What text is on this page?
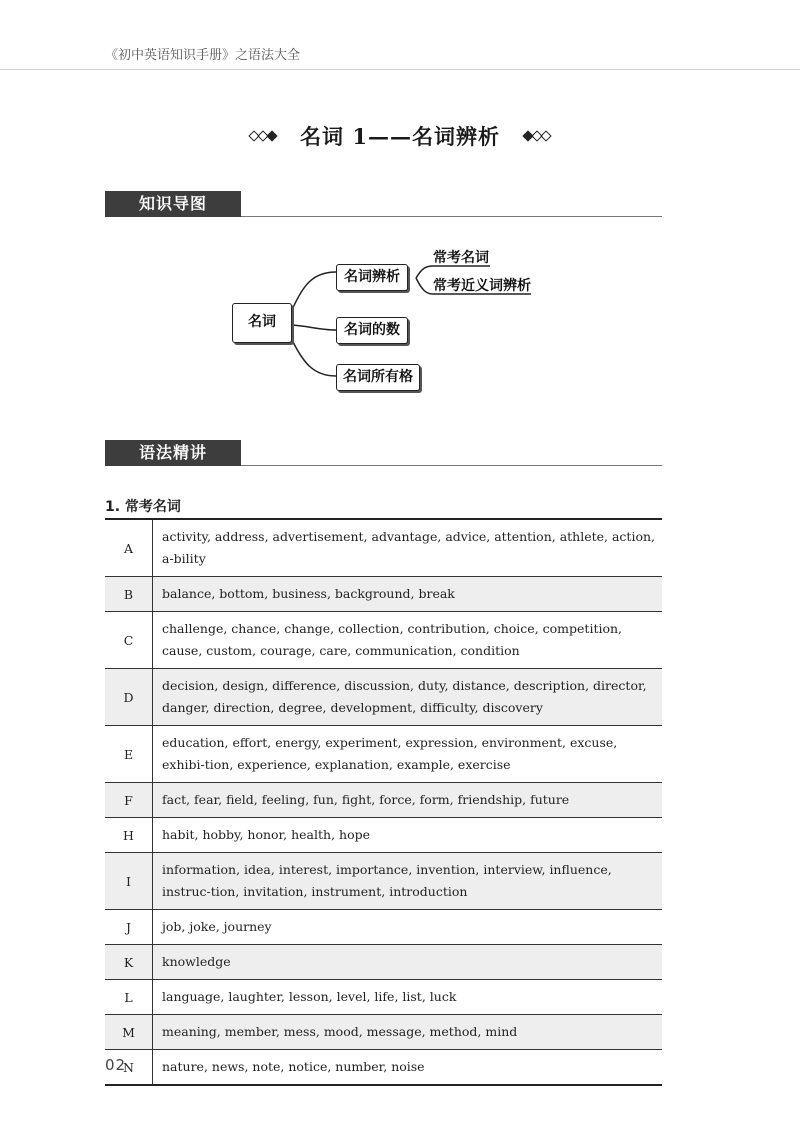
《初中英语知识手册》之语法大全
名词 1——名词辨析
知识导图
名词
名词辨析
名词的数
名词所有格
常考名词
常考近义词辨析
语法精讲
1. 常考名词
A	activity, address, advertisement, advantage, advice, attention, athlete, action, a-bility
B	balance, bottom, business, background, break
C	challenge, chance, change, collection, contribution, choice, competition, cause, custom, courage, care, communication, condition
D	decision, design, difference, discussion, duty, distance, description, director, danger, direction, degree, development, difficulty, discovery
E	education, effort, energy, experiment, expression, environment, excuse, exhibi-tion, experience, explanation, example, exercise
F	fact, fear, field, feeling, fun, fight, force, form, friendship, future
H	habit, hobby, honor, health, hope
I	information, idea, interest, importance, invention, interview, influence, instruc-tion, invitation, instrument, introduction
J	job, joke, journey
K	knowledge
L	language, laughter, lesson, level, life, list, luck
M	meaning, member, mess, mood, message, method, mind
N	nature, news, note, notice, number, noise
02
